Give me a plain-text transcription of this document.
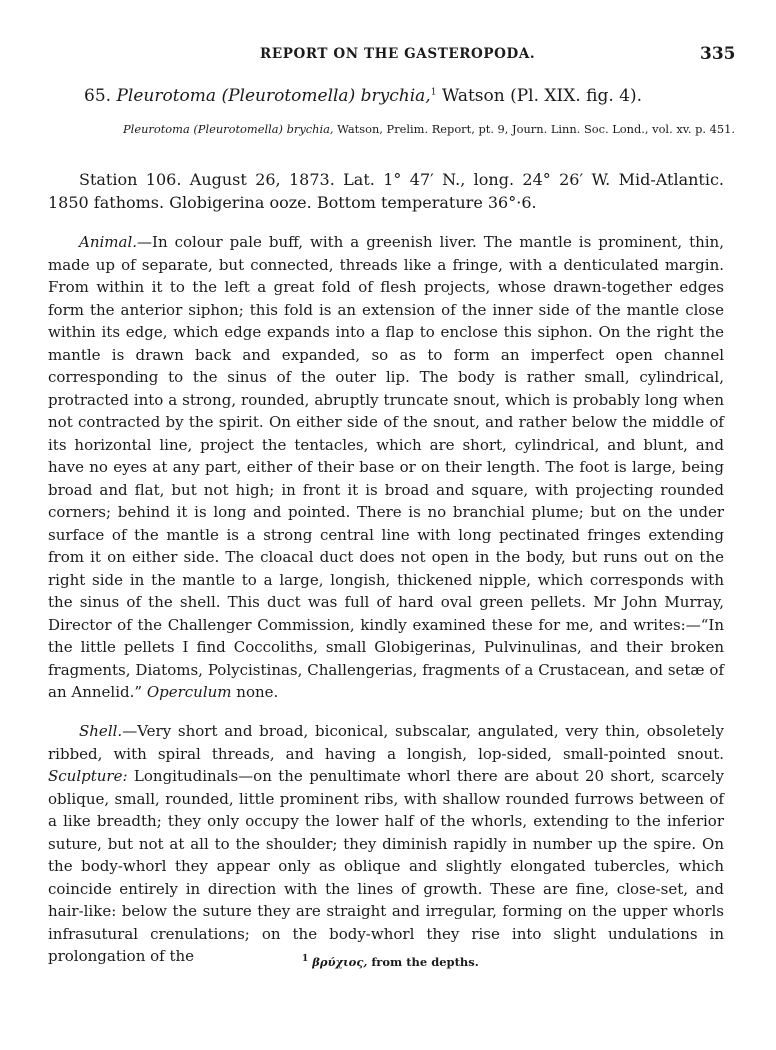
REPORT ON THE GASTEROPODA.	335
65. Pleurotoma (Pleurotomella) brychia,$^1$ Watson (Pl. XIX. fig. 4).
Pleurotoma (Pleurotomella) brychia, Watson, Prelim. Report, pt. 9, Journ. Linn. Soc. Lond., vol. xv. p. 451.
Station 106. August 26, 1873. Lat. 1° 47′ N., long. 24° 26′ W. Mid-Atlantic. 1850 fathoms. Globigerina ooze. Bottom temperature 36°·6.

Animal.—In colour pale buff, with a greenish liver. The mantle is prominent, thin, made up of separate, but connected, threads like a fringe, with a denticulated margin. From within it to the left a great fold of flesh projects, whose drawn-together edges form the anterior siphon; this fold is an extension of the inner side of the mantle close within its edge, which edge expands into a flap to enclose this siphon. On the right the mantle is drawn back and expanded, so as to form an imperfect open channel corresponding to the sinus of the outer lip. The body is rather small, cylindrical, protracted into a strong, rounded, abruptly truncate snout, which is probably long when not contracted by the spirit. On either side of the snout, and rather below the middle of its horizontal line, project the tentacles, which are short, cylindrical, and blunt, and have no eyes at any part, either of their base or on their length. The foot is large, being broad and flat, but not high; in front it is broad and square, with projecting rounded corners; behind it is long and pointed. There is no branchial plume; but on the under surface of the mantle is a strong central line with long pectinated fringes extending from it on either side. The cloacal duct does not open in the body, but runs out on the right side in the mantle to a large, longish, thickened nipple, which corresponds with the sinus of the shell. This duct was full of hard oval green pellets. Mr John Murray, Director of the Challenger Commission, kindly examined these for me, and writes:—“In the little pellets I find Coccoliths, small Globigerinas, Pulvinulinas, and their broken fragments, Diatoms, Polycistinas, Challengerias, fragments of a Crustacean, and setæ of an Annelid.” Operculum none.

Shell.—Very short and broad, biconical, subscalar, angulated, very thin, obsoletely ribbed, with spiral threads, and having a longish, lop-sided, small-pointed snout. Sculpture: Longitudinals—on the penultimate whorl there are about 20 short, scarcely oblique, small, rounded, little prominent ribs, with shallow rounded furrows between of a like breadth; they only occupy the lower half of the whorls, extending to the inferior suture, but not at all to the shoulder; they diminish rapidly in number up the spire. On the body-whorl they appear only as oblique and slightly elongated tubercles, which coincide entirely in direction with the lines of growth. These are fine, close-set, and hair-like: below the suture they are straight and irregular, forming on the upper whorls infrasutural crenulations; on the body-whorl they rise into slight undulations in prolongation of the	$^1$ βρύχιος, from the depths.
